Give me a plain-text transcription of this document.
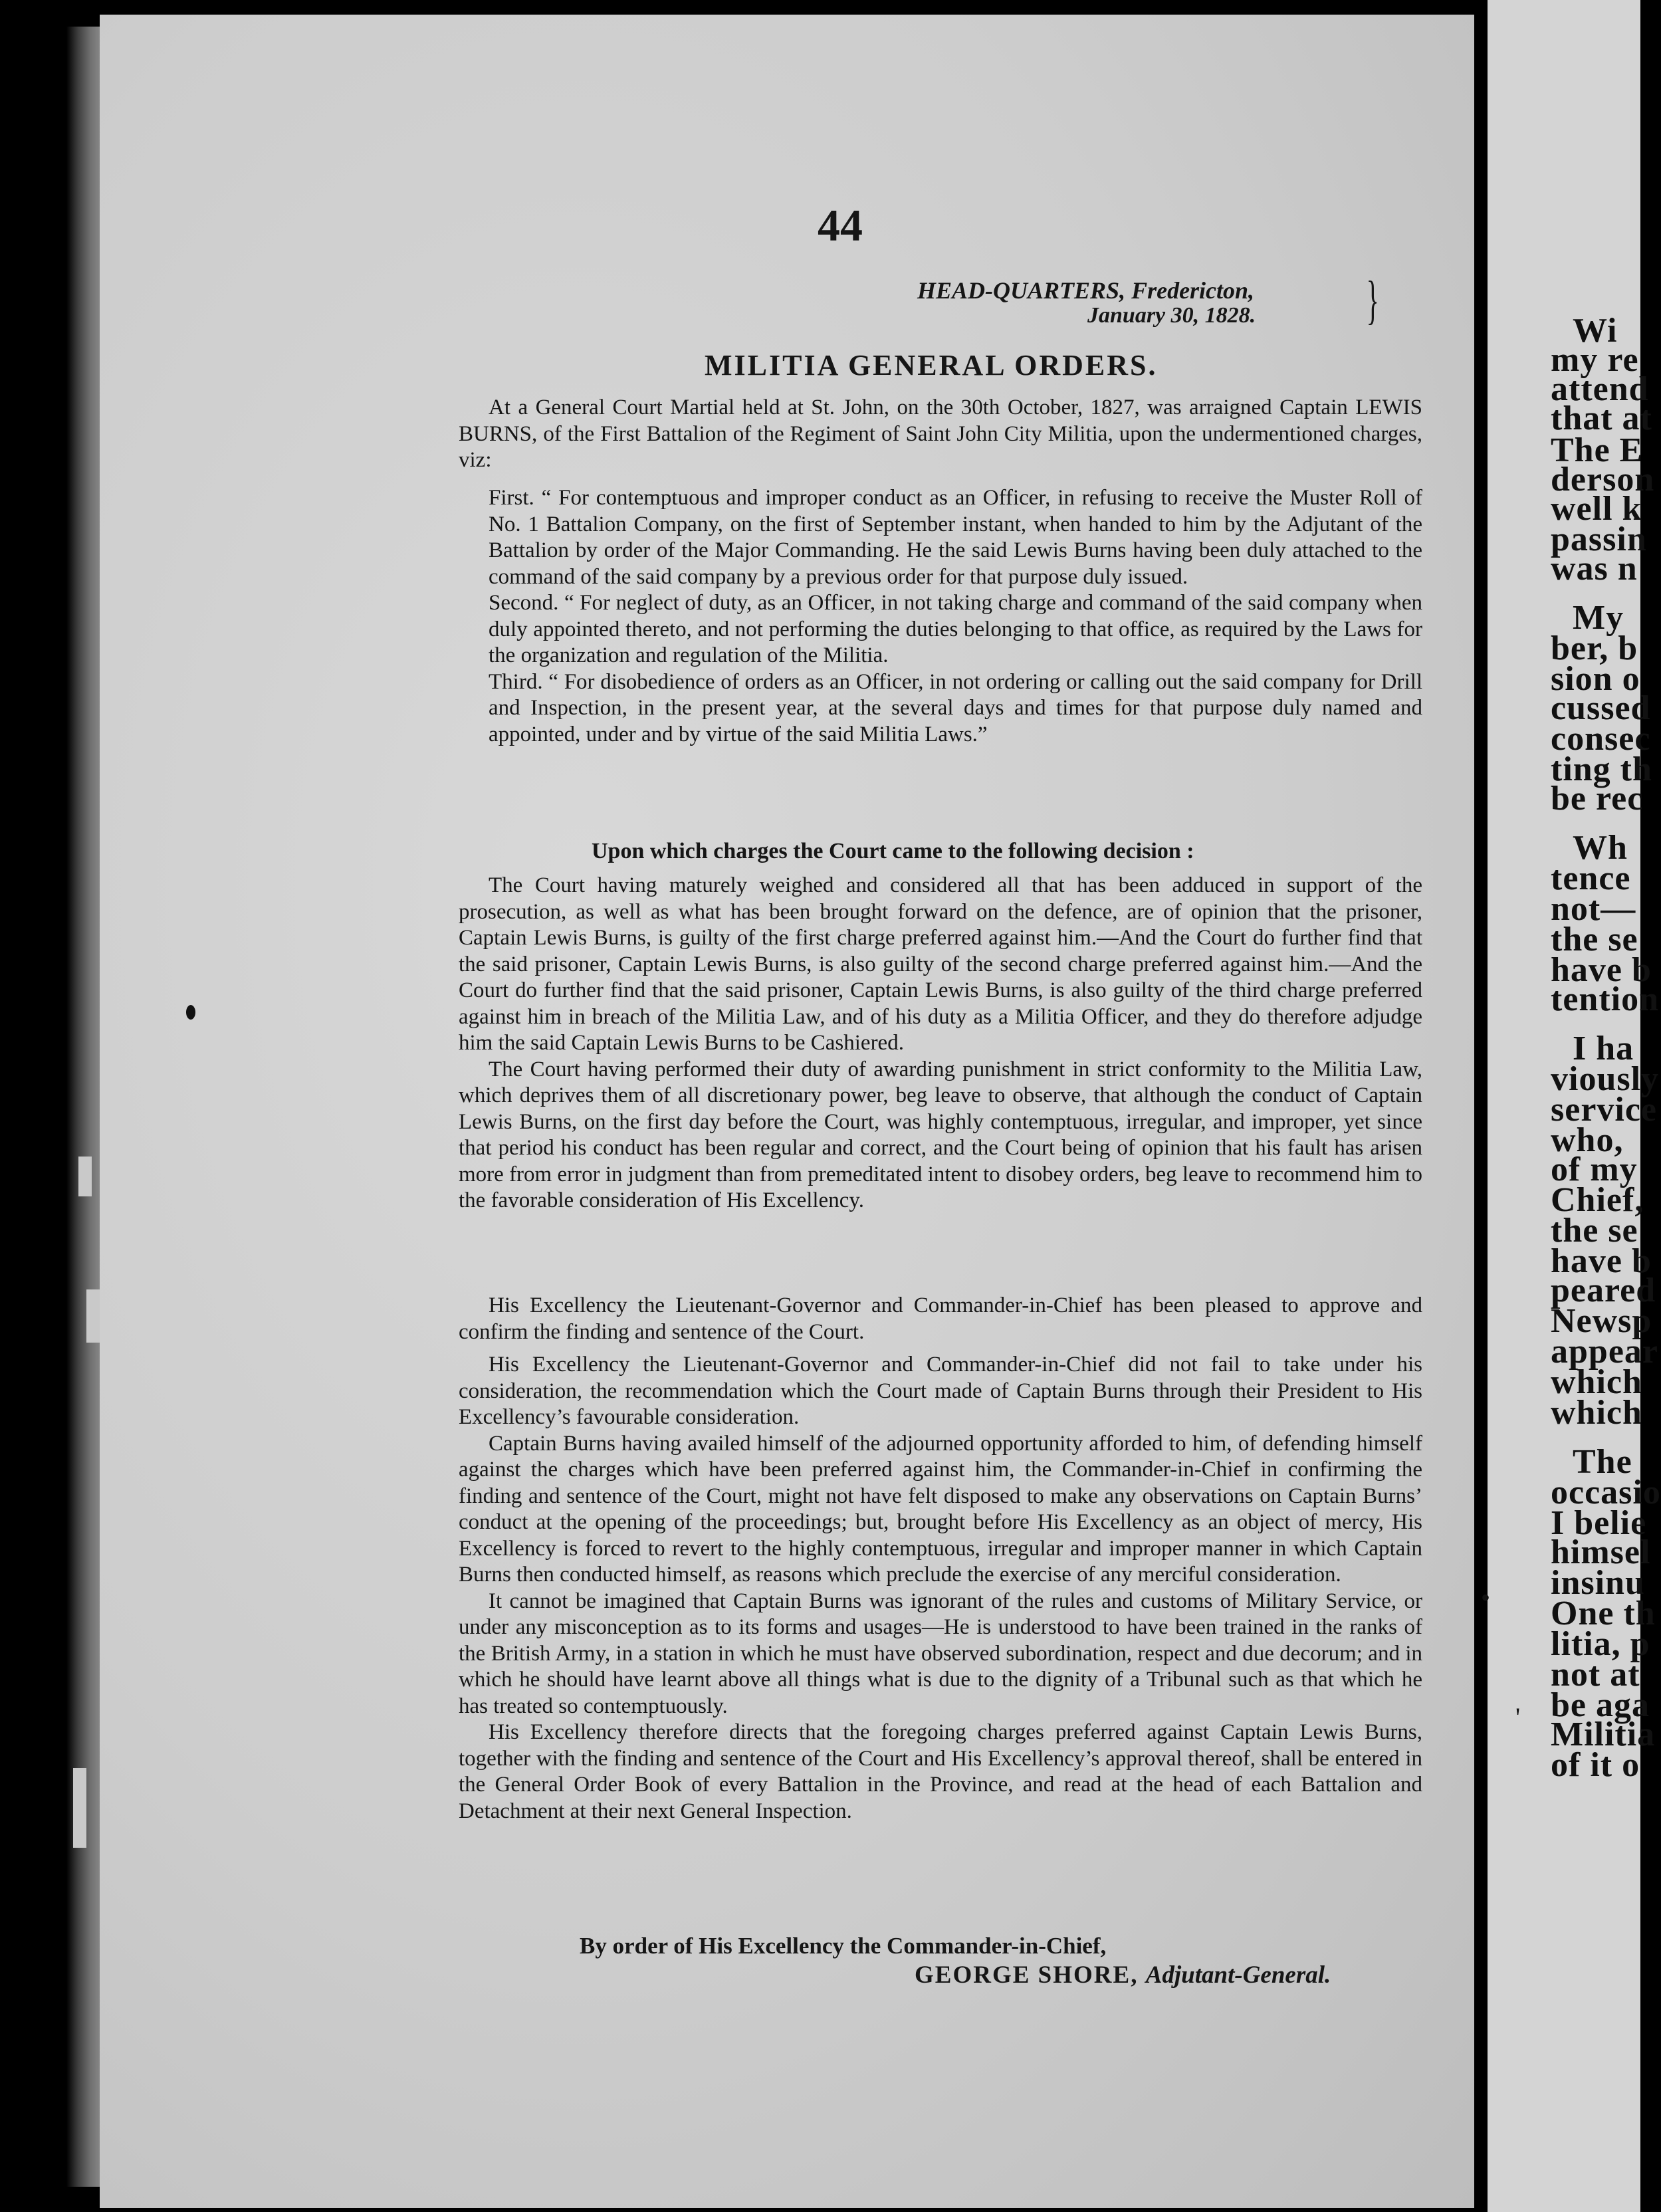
44
HEAD-QUARTERS, Fredericton,
January 30, 1828. }
MILITIA GENERAL ORDERS.

At a General Court Martial held at St. John, on the 30th October, 1827, was arraigned Captain LEWIS BURNS, of the First Battalion of the Regiment of Saint John City Militia, upon the undermentioned charges, viz:

First. “ For contemptuous and improper conduct as an Officer, in refusing to receive the Muster Roll of No. 1 Battalion Company, on the first of September instant, when handed to him by the Adjutant of the Battalion by order of the Major Commanding. He the said Lewis Burns having been duly attached to the command of the said company by a previous order for that purpose duly issued.

Second. “ For neglect of duty, as an Officer, in not taking charge and command of the said company when duly appointed thereto, and not performing the duties belonging to that office, as required by the Laws for the organization and regulation of the Militia.

Third. “ For disobedience of orders as an Officer, in not ordering or calling out the said company for Drill and Inspection, in the present year, at the several days and times for that purpose duly named and appointed, under and by virtue of the said Militia Laws.”

Upon which charges the Court came to the following decision :

The Court having maturely weighed and considered all that has been adduced in support of the prosecution, as well as what has been brought forward on the defence, are of opinion that the prisoner, Captain Lewis Burns, is guilty of the first charge preferred against him.—And the Court do further find that the said prisoner, Captain Lewis Burns, is also guilty of the second charge preferred against him.—And the Court do further find that the said prisoner, Captain Lewis Burns, is also guilty of the third charge preferred against him in breach of the Militia Law, and of his duty as a Militia Officer, and they do therefore adjudge him the said Captain Lewis Burns to be Cashiered.

The Court having performed their duty of awarding punishment in strict conformity to the Militia Law, which deprives them of all discretionary power, beg leave to observe, that although the conduct of Captain Lewis Burns, on the first day before the Court, was highly contemptuous, irregular, and improper, yet since that period his conduct has been regular and correct, and the Court being of opinion that his fault has arisen more from error in judgment than from premeditated intent to disobey orders, beg leave to recommend him to the favorable consideration of His Excellency.

His Excellency the Lieutenant-Governor and Commander-in-Chief has been pleased to approve and confirm the finding and sentence of the Court.

His Excellency the Lieutenant-Governor and Commander-in-Chief did not fail to take under his consideration, the recommendation which the Court made of Captain Burns through their President to His Excellency’s favourable consideration.

Captain Burns having availed himself of the adjourned opportunity afforded to him, of defending himself against the charges which have been preferred against him, the Commander-in-Chief in confirming the finding and sentence of the Court, might not have felt disposed to make any observations on Captain Burns’ conduct at the opening of the proceedings; but, brought before His Excellency as an object of mercy, His Excellency is forced to revert to the highly contemptuous, irregular and improper manner in which Captain Burns then conducted himself, as reasons which preclude the exercise of any merciful consideration.

It cannot be imagined that Captain Burns was ignorant of the rules and customs of Military Service, or under any misconception as to its forms and usages—He is understood to have been trained in the ranks of the British Army, in a station in which he must have observed subordination, respect and due decorum; and in which he should have learnt above all things what is due to the dignity of a Tribunal such as that which he has treated so contemptuously.

His Excellency therefore directs that the foregoing charges preferred against Captain Lewis Burns, together with the finding and sentence of the Court and His Excellency’s approval thereof, shall be entered in the General Order Book of every Battalion in the Province, and read at the head of each Battalion and Detachment at their next General Inspection.

By order of His Excellency the Commander-in-Chief,
GEORGE SHORE, Adjutant-General.
•
'
Wi
my re
attend
that at
The E
derson
well k
passin
was n
My
ber, b
sion o
cussed
consec
ting th
be rec
Wh
tence
not—
the se
have b
tention
I ha
viously
service
who,
of my
Chief,
the se
have b
peared
Newsp
appear
which
which
The
occasio
I belie
himsel
insinu
One th
litia, p
not at
be aga
Militia
of it o
